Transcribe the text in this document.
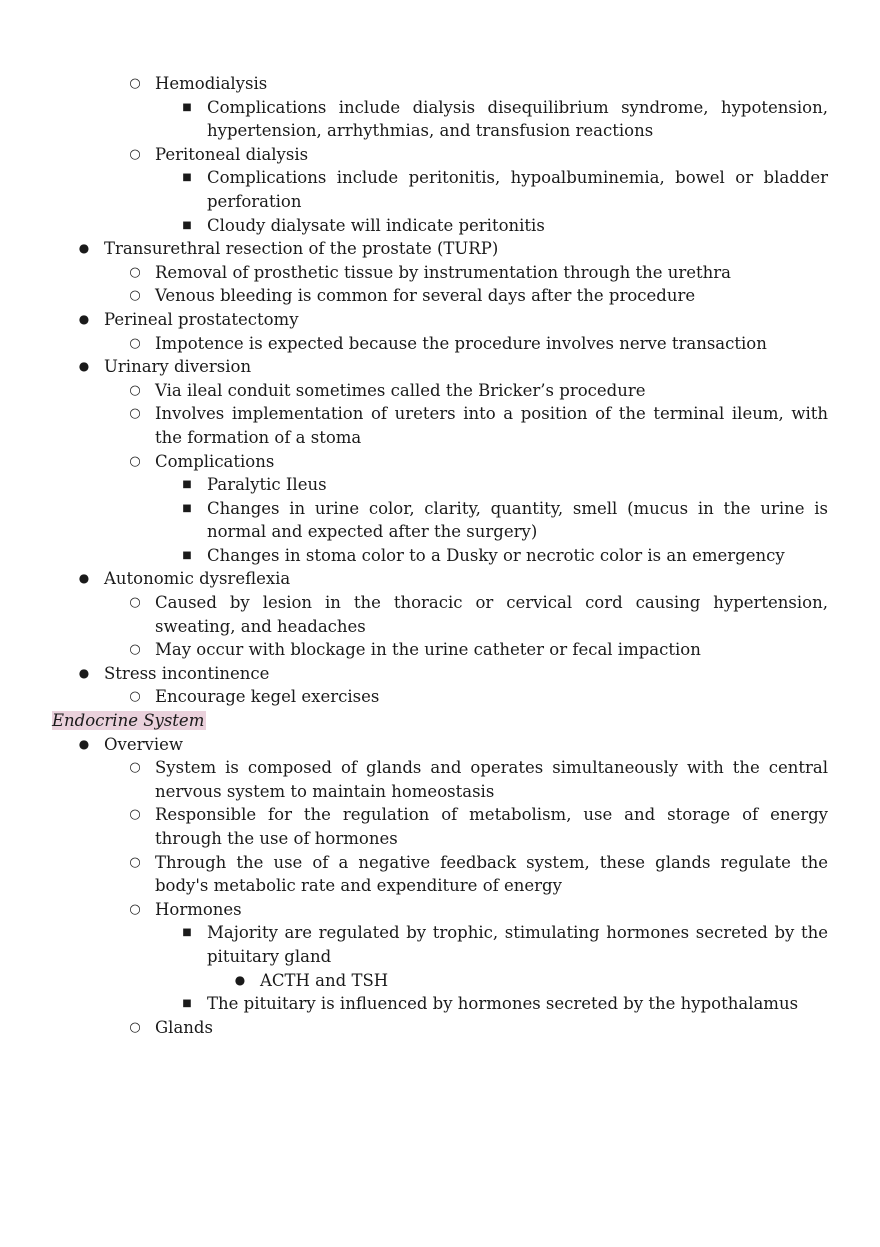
○ Hemodialysis
■ Complications include dialysis disequilibrium syndrome, hypotension, hypertension, arrhythmias, and transfusion reactions
○ Peritoneal dialysis
■ Complications include peritonitis, hypoalbuminemia, bowel or bladder perforation
■ Cloudy dialysate will indicate peritonitis
● Transurethral resection of the prostate (TURP)
○ Removal of prosthetic tissue by instrumentation through the urethra
○ Venous bleeding is common for several days after the procedure
● Perineal prostatectomy
○ Impotence is expected because the procedure involves nerve transaction
● Urinary diversion
○ Via ileal conduit sometimes called the Bricker’s procedure
○ Involves implementation of ureters into a position of the terminal ileum, with the formation of a stoma
○ Complications
■ Paralytic Ileus
■ Changes in urine color, clarity, quantity, smell (mucus in the urine is normal and expected after the surgery)
■ Changes in stoma color to a Dusky or necrotic color is an emergency
● Autonomic dysreflexia
○ Caused by lesion in the thoracic or cervical cord causing hypertension, sweating, and headaches
○ May occur with blockage in the urine catheter or fecal impaction
● Stress incontinence
○ Encourage kegel exercises
Endocrine System
● Overview
○ System is composed of glands and operates simultaneously with the central nervous system to maintain homeostasis
○ Responsible for the regulation of metabolism, use and storage of energy through the use of hormones
○ Through the use of a negative feedback system, these glands regulate the body's metabolic rate and expenditure of energy
○ Hormones
■ Majority are regulated by trophic, stimulating hormones secreted by the pituitary gland
● ACTH and TSH
■ The pituitary is influenced by hormones secreted by the hypothalamus
○ Glands
